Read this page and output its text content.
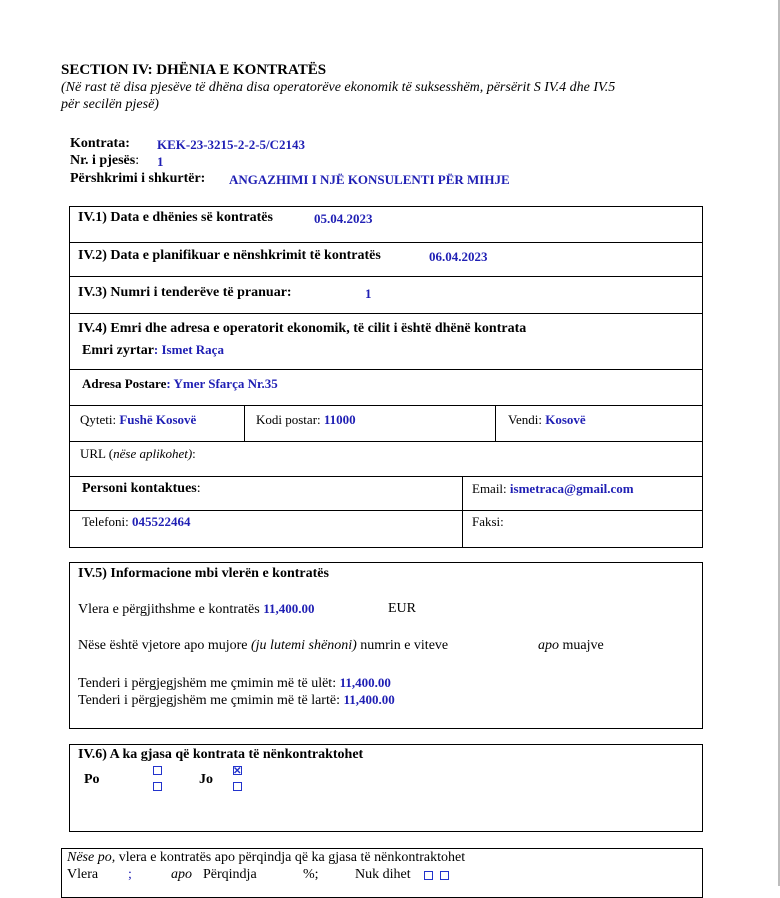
SECTION IV: DHËNIA E KONTRATËS
(Në rast të disa pjesëve të dhëna disa operatorëve ekonomik të suksesshëm, përsërit S IV.4 dhe IV.5
për secilën pjesë)
Kontrata: KEK-23-3215-2-2-5/C2143
Nr. i pjesës: 1
Përshkrimi i shkurtër: ANGAZHIMI I NJË KONSULENTI PËR MIHJE
IV.1) Data e dhënies së kontratës	05.04.2023
IV.2) Data e planifikuar e nënshkrimit të kontratës	06.04.2023
IV.3) Numri i tenderëve të pranuar:	1
IV.4) Emri dhe adresa e operatorit ekonomik, të cilit i është dhënë kontrata
Emri zyrtar: Ismet Raça
Adresa Postare: Ymer Sfarça Nr.35
Qyteti: Fushë Kosovë	Kodi postar: 11000	Vendi: Kosovë
URL (nëse aplikohet):
Personi kontaktues:	Email: ismetraca@gmail.com
Telefoni: 045522464	Faksi:
IV.5) Informacione mbi vlerën e kontratës
Vlera e përgjithshme e kontratës 11,400.00	EUR
Nëse është vjetore apo mujore (ju lutemi shënoni) numrin e viteve	apo muajve
Tenderi i përgjegjshëm me çmimin më të ulët: 11,400.00
Tenderi i përgjegjshëm me çmimin më të lartë: 11,400.00
IV.6) A ka gjasa që kontrata të nënkontraktohet
Po	Jo
Nëse po, vlera e kontratës apo përqindja që ka gjasa të nënkontraktohet
Vlera ;	apo Përqindja	%;	Nuk dihet
